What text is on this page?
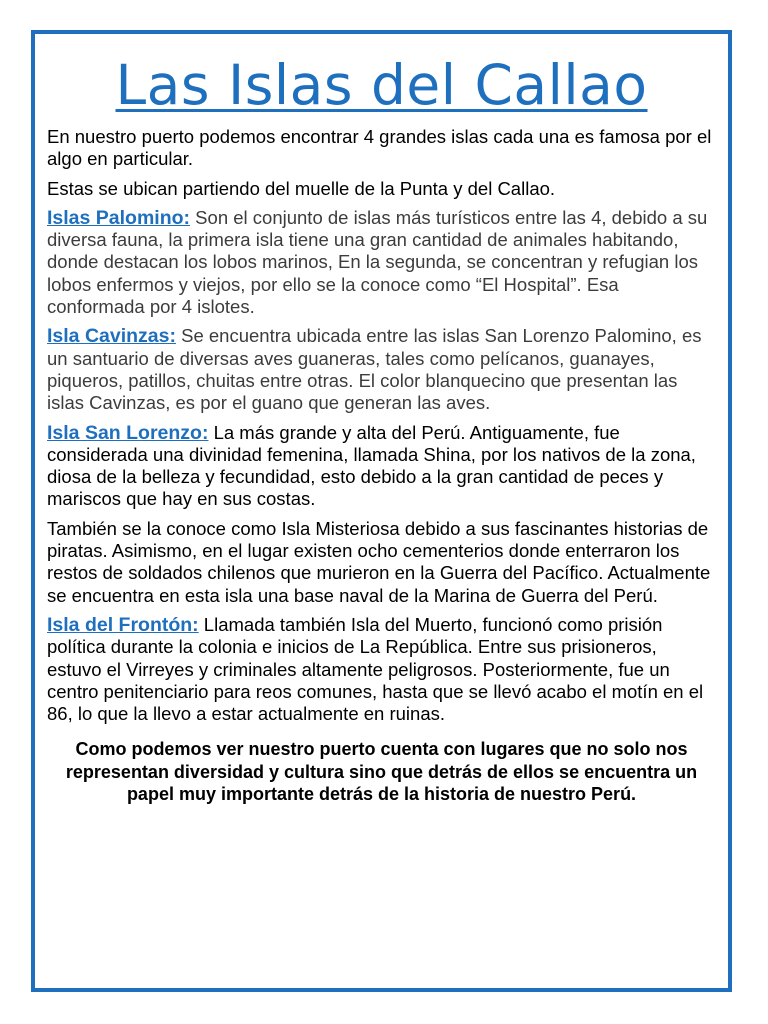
Las Islas del Callao

En nuestro puerto podemos encontrar 4 grandes islas cada una es famosa por el algo en particular.

Estas se ubican partiendo del muelle de la Punta y del Callao.

Islas Palomino: Son el conjunto de islas más turísticos entre las 4, debido a su diversa fauna, la primera isla tiene una gran cantidad de animales habitando, donde destacan los lobos marinos, En la segunda, se concentran y refugian los lobos enfermos y viejos, por ello se la conoce como “El Hospital”. Esa conformada por 4 islotes.

Isla Cavinzas: Se encuentra ubicada entre las islas San Lorenzo Palomino, es un santuario de diversas aves guaneras, tales como pelícanos, guanayes, piqueros, patillos, chuitas entre otras. El color blanquecino que presentan las islas Cavinzas, es por el guano que generan las aves.

Isla San Lorenzo: La más grande y alta del Perú. Antiguamente, fue considerada una divinidad femenina, llamada Shina, por los nativos de la zona, diosa de la belleza y fecundidad, esto debido a la gran cantidad de peces y mariscos que hay en sus costas.

También se la conoce como Isla Misteriosa debido a sus fascinantes historias de piratas. Asimismo, en el lugar existen ocho cementerios donde enterraron los restos de soldados chilenos que murieron en la Guerra del Pacífico. Actualmente se encuentra en esta isla una base naval de la Marina de Guerra del Perú.

Isla del Frontón: Llamada también Isla del Muerto, funcionó como prisión política durante la colonia e inicios de La República. Entre sus prisioneros, estuvo el Virreyes y criminales altamente peligrosos. Posteriormente, fue un centro penitenciario para reos comunes, hasta que se llevó acabo el motín en el 86, lo que la llevo a estar actualmente en ruinas.

Como podemos ver nuestro puerto cuenta con lugares que no solo nos representan diversidad y cultura sino que detrás de ellos se encuentra un papel muy importante detrás de la historia de nuestro Perú.
